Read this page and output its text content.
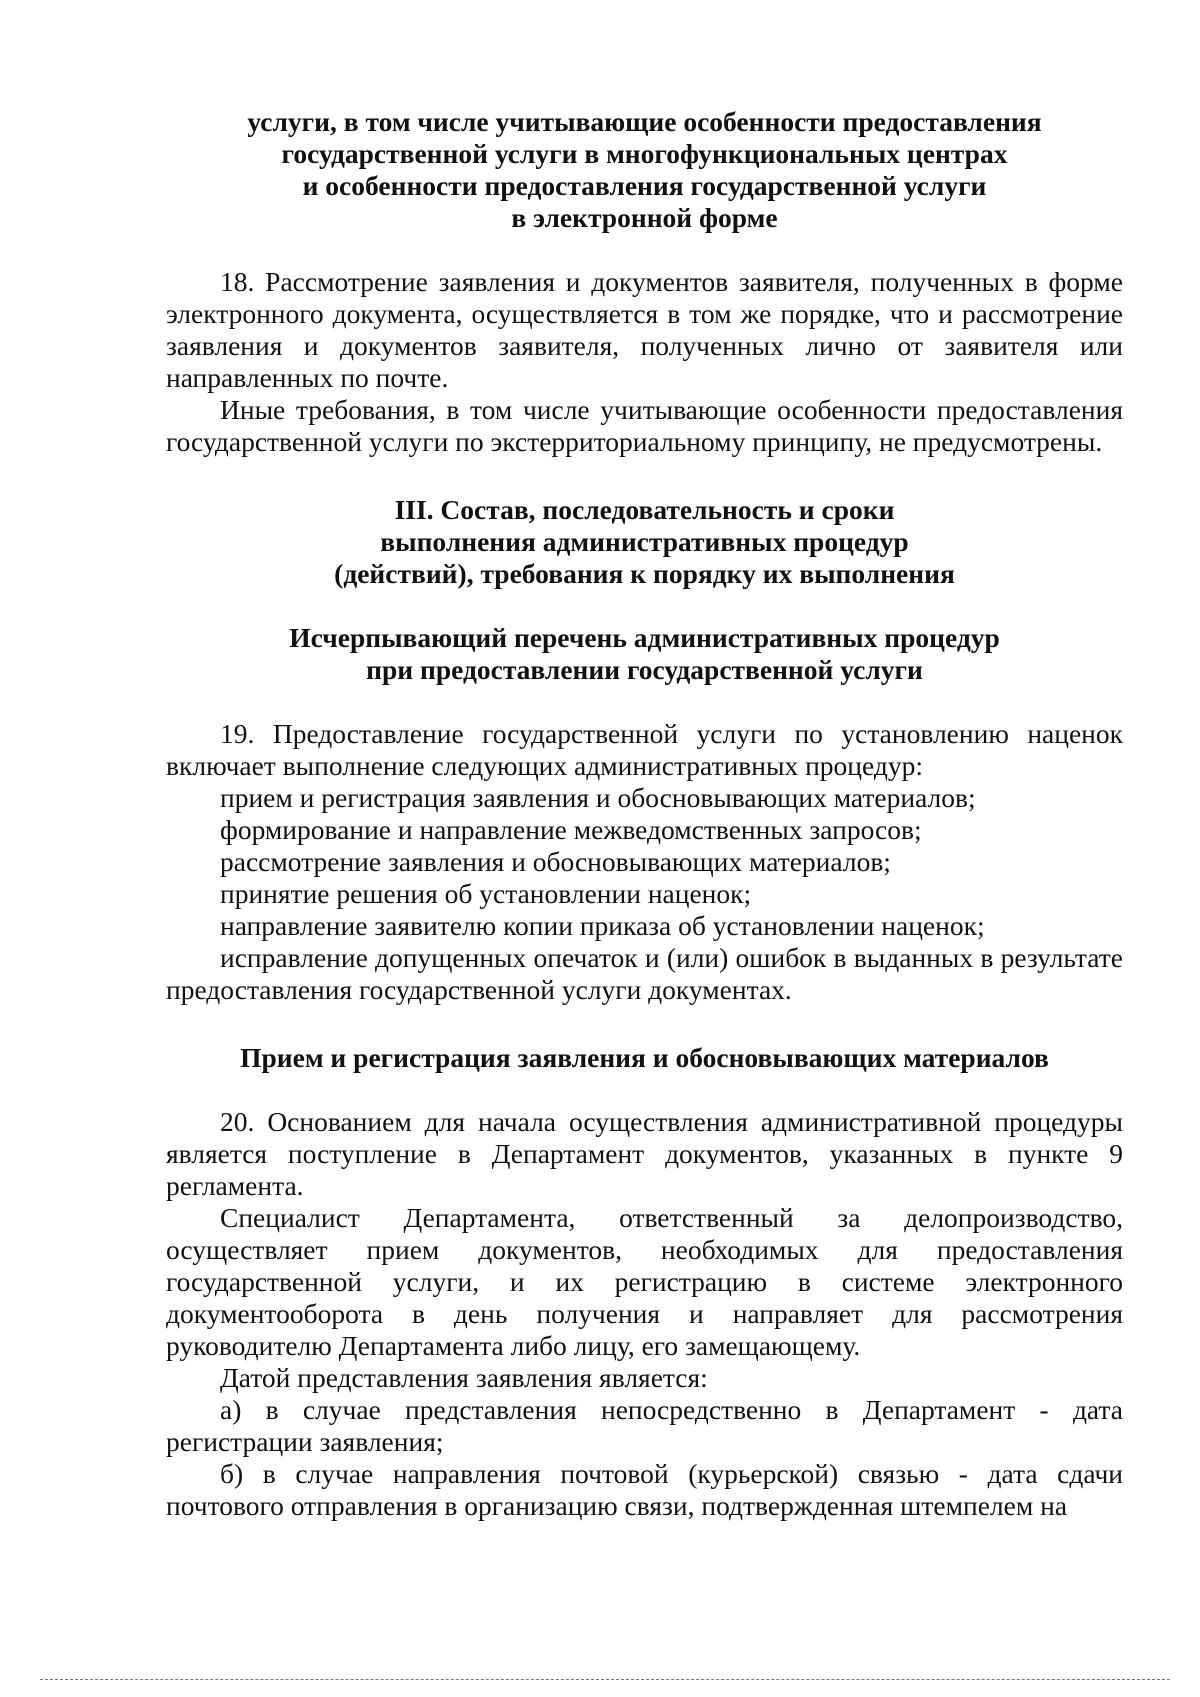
услуги, в том числе учитывающие особенности предоставления
государственной услуги в многофункциональных центрах
и особенности предоставления государственной услуги
в электронной форме

18. Рассмотрение заявления и документов заявителя, полученных в форме электронного документа, осуществляется в том же порядке, что и рассмотрение заявления и документов заявителя, полученных лично от заявителя или направленных по почте.

Иные требования, в том числе учитывающие особенности предоставления государственной услуги по экстерриториальному принципу, не предусмотрены.

III. Состав, последовательность и сроки
выполнения административных процедур
(действий), требования к порядку их выполнения
Исчерпывающий перечень административных процедур
при предоставлении государственной услуги

19. Предоставление государственной услуги по установлению наценок включает выполнение следующих административных процедур:

прием и регистрация заявления и обосновывающих материалов;

формирование и направление межведомственных запросов;

рассмотрение заявления и обосновывающих материалов;

принятие решения об установлении наценок;

направление заявителю копии приказа об установлении наценок;

исправление допущенных опечаток и (или) ошибок в выданных в результате предоставления государственной услуги документах.

Прием и регистрация заявления и обосновывающих материалов

20. Основанием для начала осуществления административной процедуры является поступление в Департамент документов, указанных в пункте 9 регламента.

Специалист Департамента, ответственный за делопроизводство, осуществляет прием документов, необходимых для предоставления государственной услуги, и их регистрацию в системе электронного документооборота в день получения и направляет для рассмотрения руководителю Департамента либо лицу, его замещающему.

Датой представления заявления является:

а) в случае представления непосредственно в Департамент - дата регистрации заявления;

б) в случае направления почтовой (курьерской) связью - дата сдачи почтового отправления в организацию связи, подтвержденная штемпелем на
